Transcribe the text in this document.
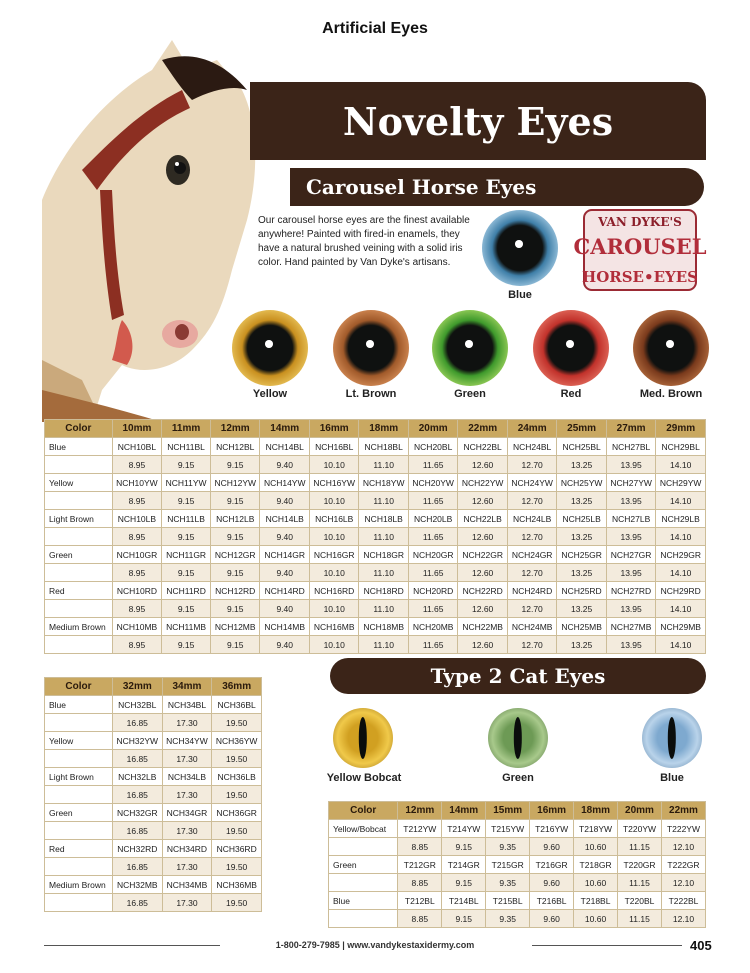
Artificial Eyes
Novelty Eyes
Carousel Horse Eyes
Our carousel horse eyes are the finest available anywhere! Painted with fired-in enamels, they have a natural brushed veining with a solid iris color. Hand painted by Van Dyke's artisans.
VAN DYKE'S
CAROUSEL
HORSE•EYES
Blue
Yellow	Lt. Brown	Green	Red	Med. Brown
Color	10mm	11mm	12mm	14mm	16mm	18mm	20mm	22mm	24mm	25mm	27mm	29mm
Blue	NCH10BL	NCH11BL	NCH12BL	NCH14BL	NCH16BL	NCH18BL	NCH20BL	NCH22BL	NCH24BL	NCH25BL	NCH27BL	NCH29BL
	8.95	9.15	9.15	9.40	10.10	11.10	11.65	12.60	12.70	13.25	13.95	14.10
Yellow	NCH10YW	NCH11YW	NCH12YW	NCH14YW	NCH16YW	NCH18YW	NCH20YW	NCH22YW	NCH24YW	NCH25YW	NCH27YW	NCH29YW
	8.95	9.15	9.15	9.40	10.10	11.10	11.65	12.60	12.70	13.25	13.95	14.10
Light Brown	NCH10LB	NCH11LB	NCH12LB	NCH14LB	NCH16LB	NCH18LB	NCH20LB	NCH22LB	NCH24LB	NCH25LB	NCH27LB	NCH29LB
	8.95	9.15	9.15	9.40	10.10	11.10	11.65	12.60	12.70	13.25	13.95	14.10
Green	NCH10GR	NCH11GR	NCH12GR	NCH14GR	NCH16GR	NCH18GR	NCH20GR	NCH22GR	NCH24GR	NCH25GR	NCH27GR	NCH29GR
	8.95	9.15	9.15	9.40	10.10	11.10	11.65	12.60	12.70	13.25	13.95	14.10
Red	NCH10RD	NCH11RD	NCH12RD	NCH14RD	NCH16RD	NCH18RD	NCH20RD	NCH22RD	NCH24RD	NCH25RD	NCH27RD	NCH29RD
	8.95	9.15	9.15	9.40	10.10	11.10	11.65	12.60	12.70	13.25	13.95	14.10
Medium Brown	NCH10MB	NCH11MB	NCH12MB	NCH14MB	NCH16MB	NCH18MB	NCH20MB	NCH22MB	NCH24MB	NCH25MB	NCH27MB	NCH29MB
	8.95	9.15	9.15	9.40	10.10	11.10	11.65	12.60	12.70	13.25	13.95	14.10
Color	32mm	34mm	36mm
Blue	NCH32BL	NCH34BL	NCH36BL
	16.85	17.30	19.50
Yellow	NCH32YW	NCH34YW	NCH36YW
	16.85	17.30	19.50
Light Brown	NCH32LB	NCH34LB	NCH36LB
	16.85	17.30	19.50
Green	NCH32GR	NCH34GR	NCH36GR
	16.85	17.30	19.50
Red	NCH32RD	NCH34RD	NCH36RD
	16.85	17.30	19.50
Medium Brown	NCH32MB	NCH34MB	NCH36MB
	16.85	17.30	19.50
Type 2 Cat Eyes
Yellow Bobcat	Green	Blue
Color	12mm	14mm	15mm	16mm	18mm	20mm	22mm
Yellow/Bobcat	T212YW	T214YW	T215YW	T216YW	T218YW	T220YW	T222YW
	8.85	9.15	9.35	9.60	10.60	11.15	12.10
Green	T212GR	T214GR	T215GR	T216GR	T218GR	T220GR	T222GR
	8.85	9.15	9.35	9.60	10.60	11.15	12.10
Blue	T212BL	T214BL	T215BL	T216BL	T218BL	T220BL	T222BL
	8.85	9.15	9.35	9.60	10.60	11.15	12.10
1-800-279-7985 | www.vandykestaxidermy.com	405
